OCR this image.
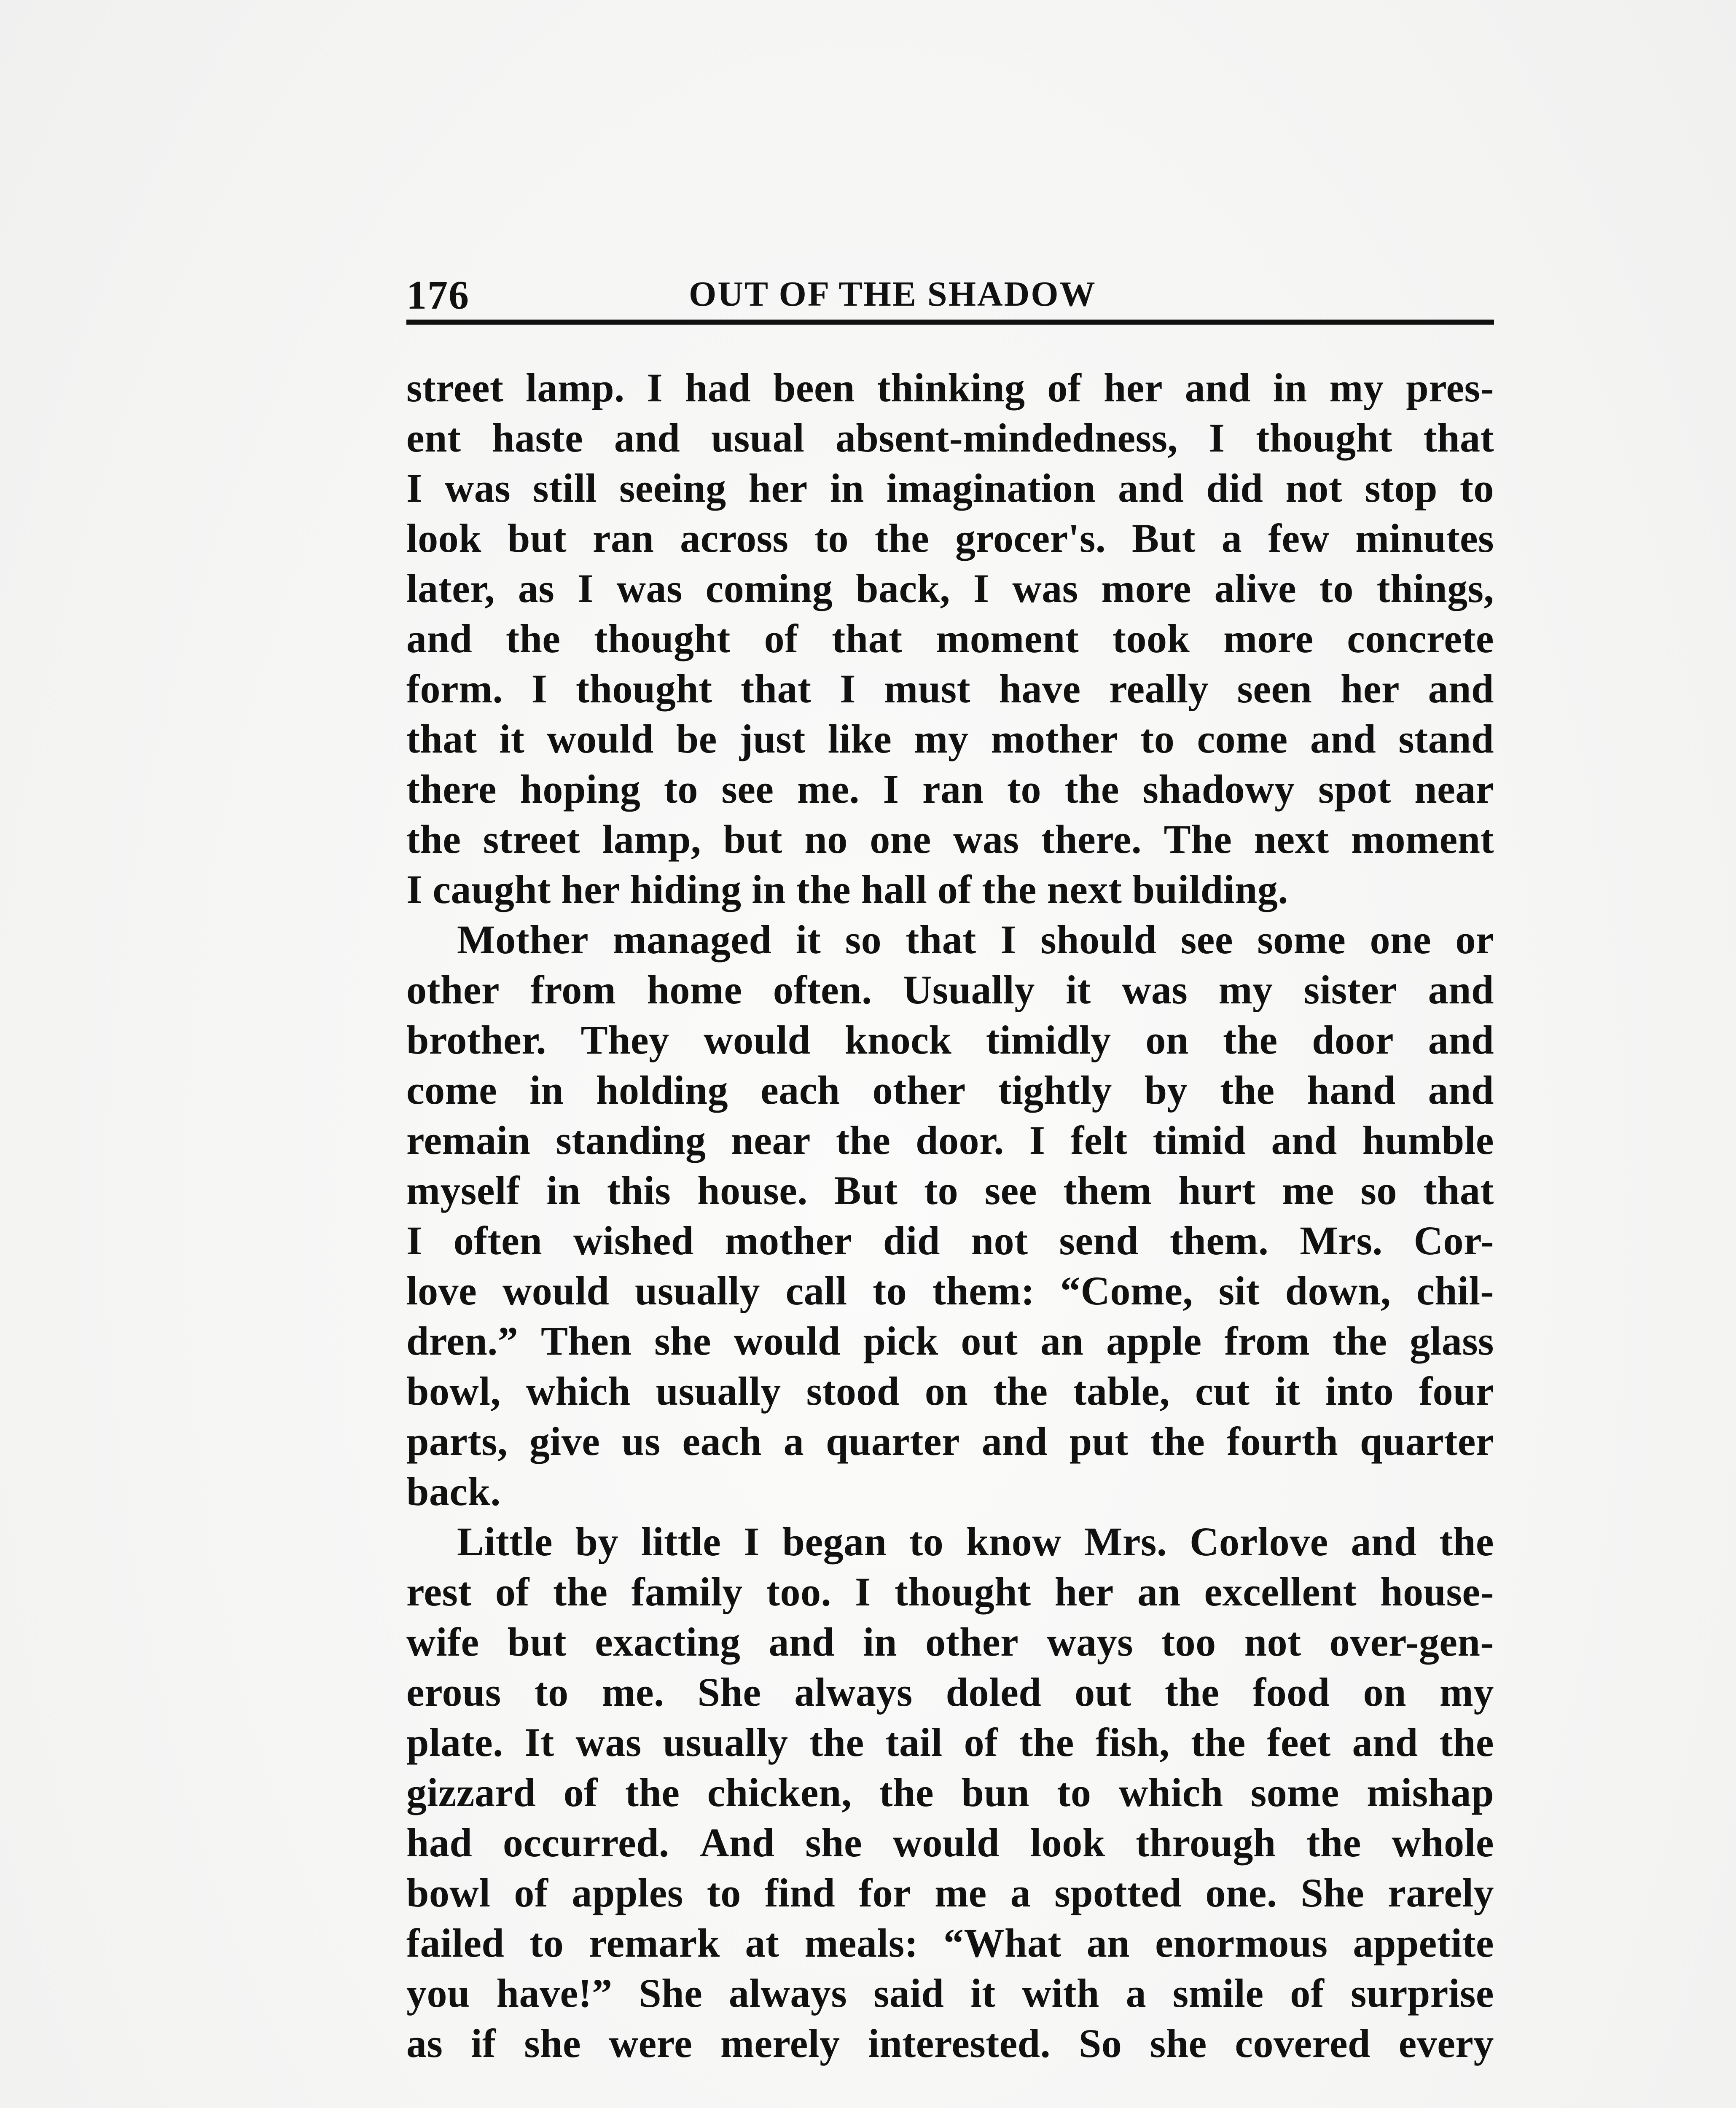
176	OUT OF THE SHADOW
street lamp. I had been thinking of her and in my pres-
ent haste and usual absent-mindedness, I thought that
I was still seeing her in imagination and did not stop to
look but ran across to the grocer's. But a few minutes
later, as I was coming back, I was more alive to things,
and the thought of that moment took more concrete
form. I thought that I must have really seen her and
that it would be just like my mother to come and stand
there hoping to see me. I ran to the shadowy spot near
the street lamp, but no one was there. The next moment
I caught her hiding in the hall of the next building.
Mother managed it so that I should see some one or
other from home often. Usually it was my sister and
brother. They would knock timidly on the door and
come in holding each other tightly by the hand and
remain standing near the door. I felt timid and humble
myself in this house. But to see them hurt me so that
I often wished mother did not send them. Mrs. Cor-
love would usually call to them: “Come, sit down, chil-
dren.” Then she would pick out an apple from the glass
bowl, which usually stood on the table, cut it into four
parts, give us each a quarter and put the fourth quarter
back.
Little by little I began to know Mrs. Corlove and the
rest of the family too. I thought her an excellent house-
wife but exacting and in other ways too not over-gen-
erous to me. She always doled out the food on my
plate. It was usually the tail of the fish, the feet and the
gizzard of the chicken, the bun to which some mishap
had occurred. And she would look through the whole
bowl of apples to find for me a spotted one. She rarely
failed to remark at meals: “What an enormous appetite
you have!” She always said it with a smile of surprise
as if she were merely interested. So she covered every
